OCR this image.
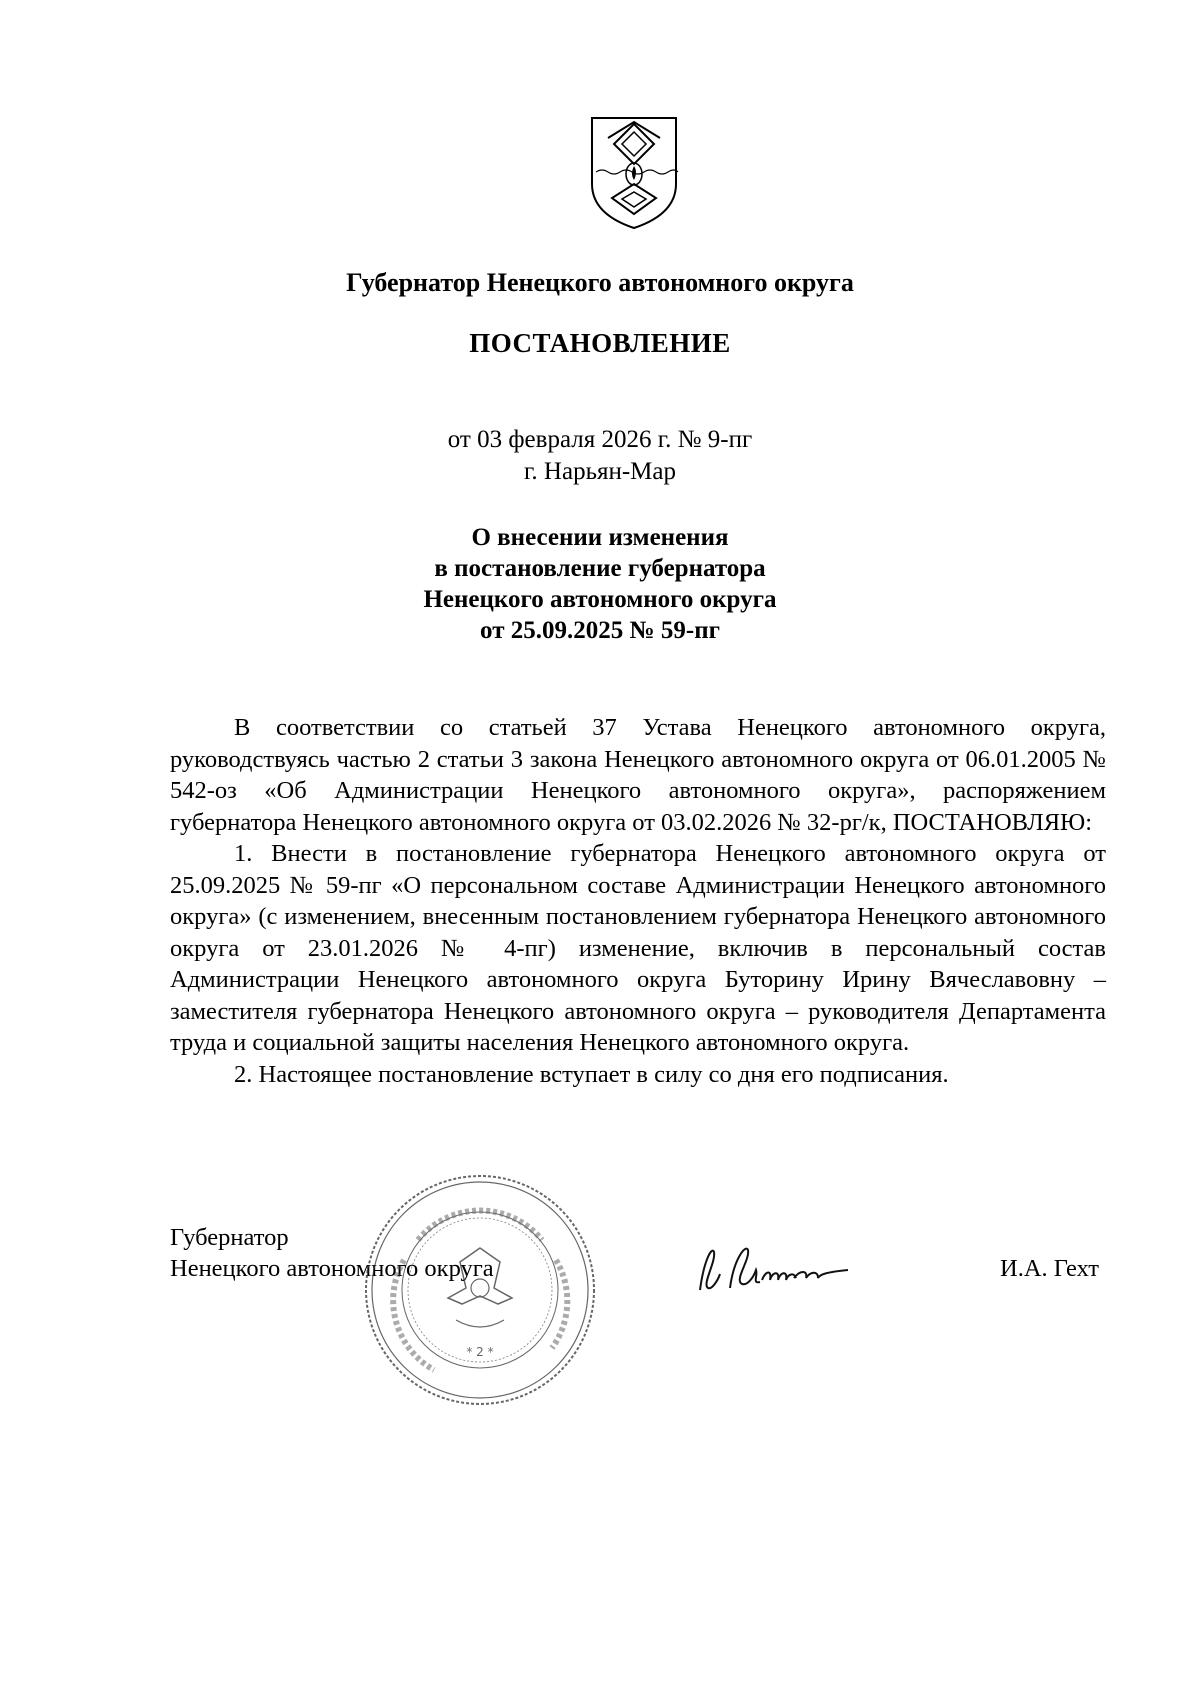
Губернатор Ненецкого автономного округа
ПОСТАНОВЛЕНИЕ
от 03 февраля 2026 г. № 9-пг
г. Нарьян-Мар
О внесении изменения
в постановление губернатора
Ненецкого автономного округа
от 25.09.2025 № 59-пг

В соответствии со статьей 37 Устава Ненецкого автономного округа, руководствуясь частью 2 статьи 3 закона Ненецкого автономного округа от 06.01.2005 № 542-оз «Об Администрации Ненецкого автономного округа», распоряжением губернатора Ненецкого автономного округа от 03.02.2026 № 32-рг/к, ПОСТАНОВЛЯЮ:

1. Внести в постановление губернатора Ненецкого автономного округа от 25.09.2025 № 59-пг «О персональном составе Администрации Ненецкого автономного округа» (с изменением, внесенным постановлением губернатора Ненецкого автономного округа от 23.01.2026 № 4-пг) изменение, включив в персональный состав Администрации Ненецкого автономного округа Буторину Ирину Вячеславовну – заместителя губернатора Ненецкого автономного округа – руководителя Департамента труда и социальной защиты населения Ненецкого автономного округа.

2. Настоящее постановление вступает в силу со дня его подписания.

Губернатор
Ненецкого автономного округа
* 2 *
И.А. Гехт
